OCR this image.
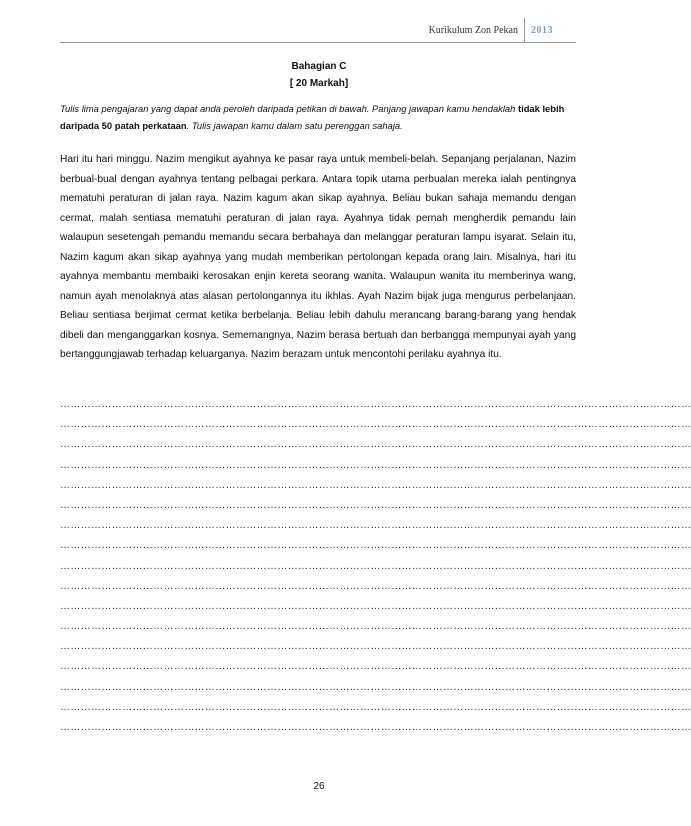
Kurikulum Zon Pekan	2013
Bahagian C
[ 20 Markah]
Tulis lima pengajaran yang dapat anda peroleh daripada petikan di bawah. Panjang jawapan kamu hendaklah tidak lebih daripada 50 patah perkataan. Tulis jawapan kamu dalam satu perenggan sahaja.
Hari itu hari minggu. Nazim mengikut ayahnya ke pasar raya untuk membeli-belah. Sepanjang perjalanan, Nazim berbual-bual dengan ayahnya tentang pelbagai perkara. Antara topik utama perbualan mereka ialah pentingnya mematuhi peraturan di jalan raya. Nazim kagum akan sikap ayahnya. Beliau bukan sahaja memandu dengan cermat, malah sentiasa mematuhi peraturan di jalan raya. Ayahnya tidak pernah mengherdik pemandu lain walaupun sesetengah pemandu memandu secara berbahaya dan melanggar peraturan lampu isyarat. Selain itu, Nazim kagum akan sikap ayahnya yang mudah memberikan pertolongan kepada orang lain. Misalnya, hari itu ayahnya membantu membaiki kerosakan enjin kereta seorang wanita. Walaupun wanita itu memberinya wang, namun ayah menolaknya atas alasan pertolongannya itu ikhlas. Ayah Nazim bijak juga mengurus perbelanjaan. Beliau sentiasa berjimat cermat ketika berbelanja. Beliau lebih dahulu merancang barang-barang yang hendak dibeli dan menganggarkan kosnya. Sememangnya, Nazim berasa bertuah dan berbangga mempunyai ayah yang bertanggungjawab terhadap keluarganya. Nazim berazam untuk mencontohi perilaku ayahnya itu.
…………………………………………………………………………………………………………………………………………………………………
…………………………………………………………………………………………………………………………………………………………………
…………………………………………………………………………………………………………………………………………………………………
…………………………………………………………………………………………………………………………………………………………………
…………………………………………………………………………………………………………………………………………………………………
…………………………………………………………………………………………………………………………………………………………………
…………………………………………………………………………………………………………………………………………………………………
…………………………………………………………………………………………………………………………………………………………………
…………………………………………………………………………………………………………………………………………………………………
…………………………………………………………………………………………………………………………………………………………………
…………………………………………………………………………………………………………………………………………………………………
…………………………………………………………………………………………………………………………………………………………………
…………………………………………………………………………………………………………………………………………………………………
…………………………………………………………………………………………………………………………………………………………………
…………………………………………………………………………………………………………………………………………………………………
…………………………………………………………………………………………………………………………………………………………………
…………………………………………………………………………………………………………………………………………………………………
26
